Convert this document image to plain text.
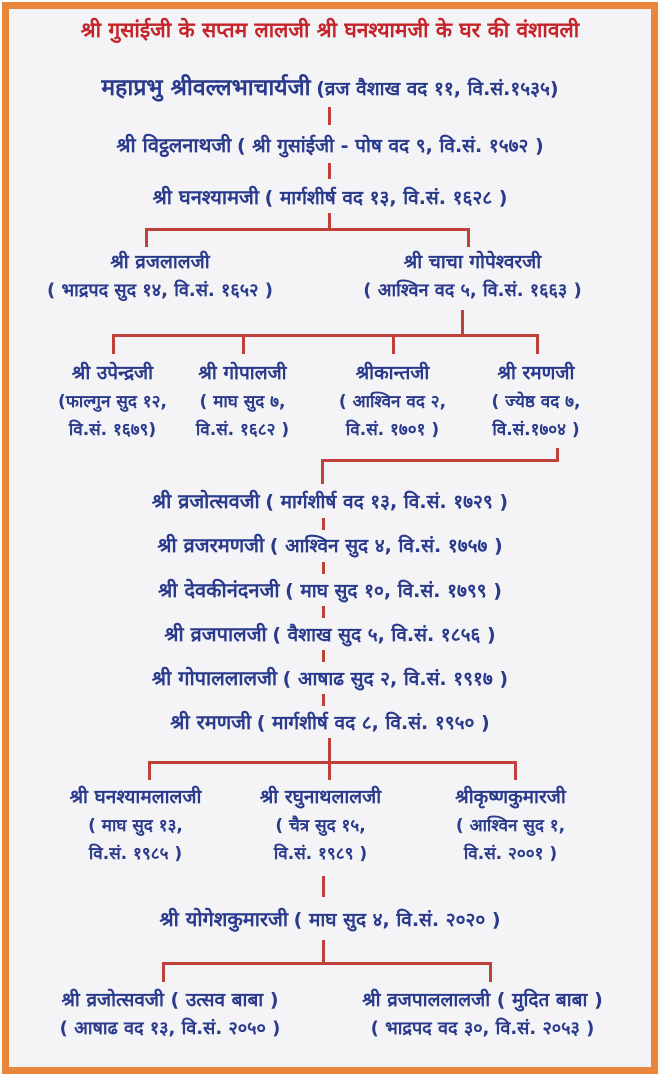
श्री गुसांईजी के सप्तम लालजी श्री घनश्यामजी के घर की वंशावली
महाप्रभु श्रीवल्लभाचार्यजी (व्रज वैशाख वद ११, वि.सं.१५३५)
श्री विट्ठलनाथजी ( श्री गुसांईजी - पोष वद ९, वि.सं. १५७२ )
श्री घनश्यामजी ( मार्गशीर्ष वद १३, वि.सं. १६२८ )
श्री व्रजलालजी
( भाद्रपद सुद १४, वि.सं. १६५२ )
श्री चाचा गोपेश्वरजी
( आश्विन वद ५, वि.सं. १६६३ )
श्री उपेन्द्रजी
(फाल्गुन सुद १२,
वि.सं. १६७९)
श्री गोपालजी
( माघ सुद ७,
वि.सं. १६८२ )
श्रीकान्तजी
( आश्विन वद २,
वि.सं. १७०१ )
श्री रमणजी
( ज्येष्ठ वद ७,
वि.सं.१७०४ )
श्री व्रजोत्सवजी ( मार्गशीर्ष वद १३, वि.सं. १७२९ )
श्री व्रजरमणजी ( आश्विन सुद ४, वि.सं. १७५७ )
श्री देवकीनंदनजी ( माघ सुद १०, वि.सं. १७९९ )
श्री व्रजपालजी ( वैशाख सुद ५, वि.सं. १८५६ )
श्री गोपाललालजी ( आषाढ सुद २, वि.सं. १९१७ )
श्री रमणजी ( मार्गशीर्ष वद ८, वि.सं. १९५० )
श्री घनश्यामलालजी
( माघ सुद १३,
वि.सं. १९८५ )
श्री रघुनाथलालजी
( चैत्र सुद १५,
वि.सं. १९८९ )
श्रीकृष्णकुमारजी
( आश्विन सुद १,
वि.सं. २००१ )
श्री योगेशकुमारजी ( माघ सुद ४, वि.सं. २०२० )
श्री व्रजोत्सवजी ( उत्सव बाबा )
( आषाढ वद १३, वि.सं. २०५० )
श्री व्रजपाललालजी ( मुदित बाबा )
( भाद्रपद वद ३०, वि.सं. २०५३ )
